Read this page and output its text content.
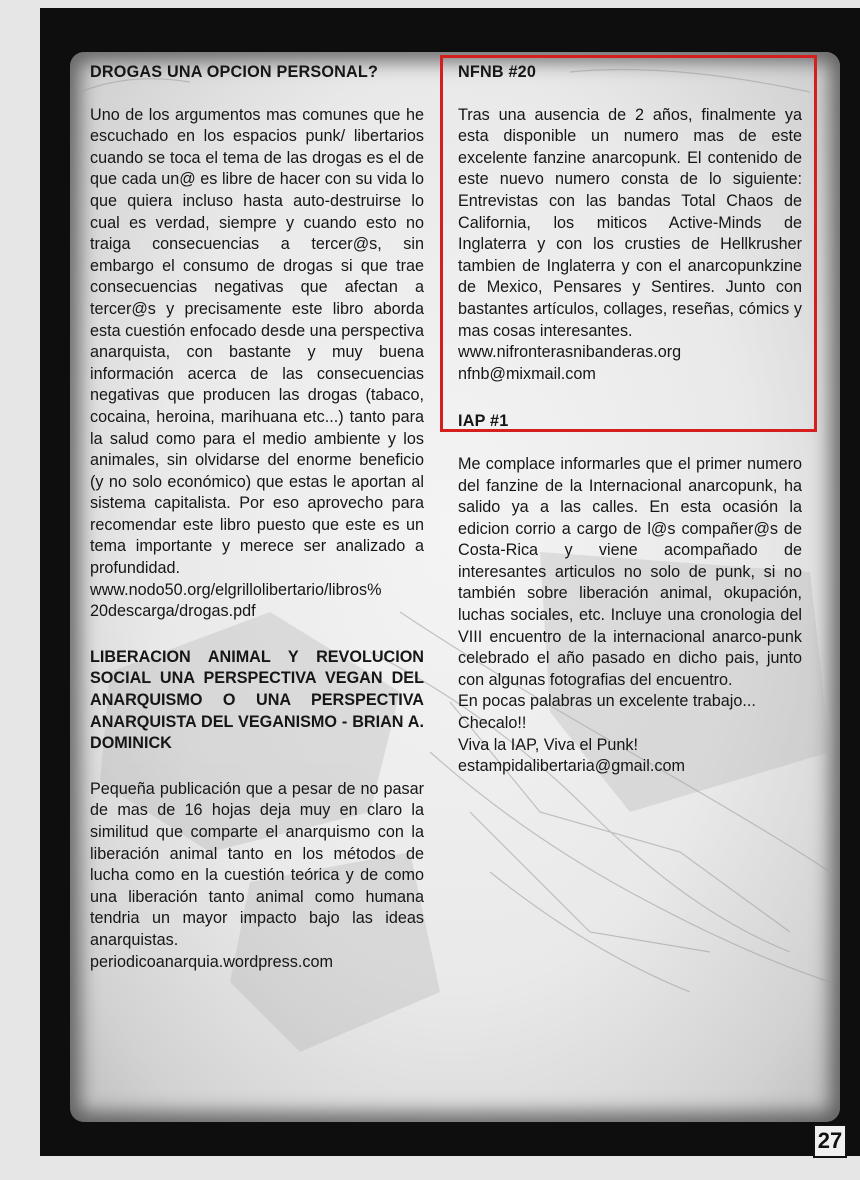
DROGAS UNA OPCION PERSONAL?

Uno de los argumentos mas comunes que he escuchado en los espacios punk/ libertarios cuando se toca el tema de las drogas es el de que cada un@ es libre de hacer con su vida lo que quiera incluso hasta auto-destruirse lo cual es verdad, siempre y cuando esto no traiga consecuencias a tercer@s, sin embargo el consumo de drogas si que trae consecuencias negativas que afectan a tercer@s y precisamente este libro aborda esta cuestión enfocado desde una perspectiva anarquista, con bastante y muy buena información acerca de las consecuencias negativas que producen las drogas (tabaco, cocaina, heroina, marihuana etc...) tanto para la salud como para el medio ambiente y los animales, sin olvidarse del enorme beneficio (y no solo económico) que estas le aportan al sistema capitalista. Por eso aprovecho para recomendar este libro puesto que este es un tema importante y merece ser analizado a profundidad.

www.nodo50.org/elgrillolibertario/libros%
20descarga/drogas.pdf

LIBERACION ANIMAL Y REVOLUCION SOCIAL UNA PERSPECTIVA VEGAN DEL ANARQUISMO O UNA PERSPECTIVA ANARQUISTA DEL VEGANISMO - BRIAN A. DOMINICK

Pequeña publicación que a pesar de no pasar de mas de 16 hojas deja muy en claro la similitud que comparte el anarquismo con la liberación animal tanto en los métodos de lucha como en la cuestión teórica y de como una liberación tanto animal como humana tendria un mayor impacto bajo las ideas anarquistas.

periodicoanarquia.wordpress.com
NFNB #20

Tras una ausencia de 2 años, finalmente ya esta disponible un numero mas de este excelente fanzine anarcopunk. El contenido de este nuevo numero consta de lo siguiente: Entrevistas con las bandas Total Chaos de California, los miticos Active-Minds de Inglaterra y con los crusties de Hellkrusher tambien de Inglaterra y con el anarcopunkzine de Mexico, Pensares y Sentires. Junto con bastantes artículos, collages, reseñas, cómics y mas cosas interesantes.

www.nifronterasnibanderas.org
nfnb@mixmail.com
IAP #1

Me complace informarles que el primer numero del fanzine de la Internacional anarcopunk, ha salido ya a las calles. En esta ocasión la edicion corrio a cargo de l@s compañer@s de Costa-Rica y viene acompañado de interesantes articulos no solo de punk, si no también sobre liberación animal, okupación, luchas sociales, etc. Incluye una cronologia del VIII encuentro de la internacional anarco-punk celebrado el año pasado en dicho pais, junto con algunas fotografias del encuentro.

En pocas palabras un excelente trabajo... Checalo!!
Viva la IAP, Viva el Punk!
estampidalibertaria@gmail.com
27
